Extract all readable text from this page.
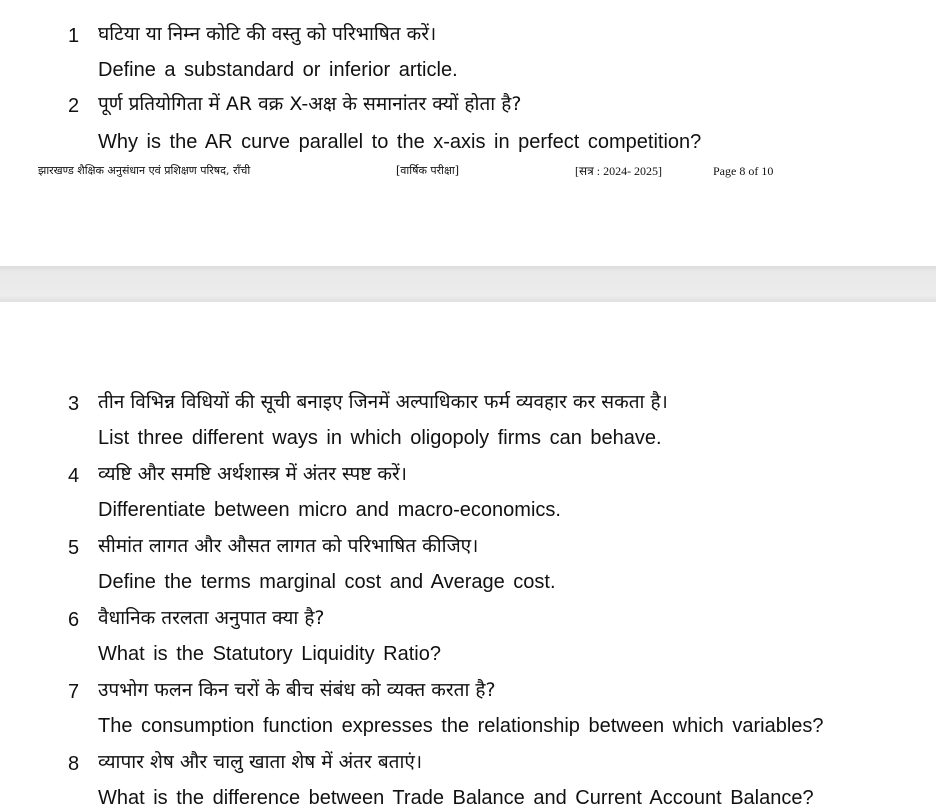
1 घटिया या निम्न कोटि की वस्तु को परिभाषित करें।
Define a substandard or inferior article.
2 पूर्ण प्रतियोगिता में AR वक्र X-अक्ष के समानांतर क्यों होता है?
Why is the AR curve parallel to the x-axis in perfect competition?
झारखण्ड शैक्षिक अनुसंधान एवं प्रशिक्षण परिषद, राँची	[वार्षिक परीक्षा]	[सत्र : 2024- 2025]	Page 8 of 10
3 तीन विभिन्न विधियों की सूची बनाइए जिनमें अल्पाधिकार फर्म व्यवहार कर सकता है।
List three different ways in which oligopoly firms can behave.
4 व्यष्टि और समष्टि अर्थशास्त्र में अंतर स्पष्ट करें।
Differentiate between micro and macro-economics.
5 सीमांत लागत और औसत लागत को परिभाषित कीजिए।
Define the terms marginal cost and Average cost.
6 वैधानिक तरलता अनुपात क्या है?
What is the Statutory Liquidity Ratio?
7 उपभोग फलन किन चरों के बीच संबंध को व्यक्त करता है?
The consumption function expresses the relationship between which variables?
8 व्यापार शेष और चालु खाता शेष में अंतर बताएं।
What is the difference between Trade Balance and Current Account Balance?
